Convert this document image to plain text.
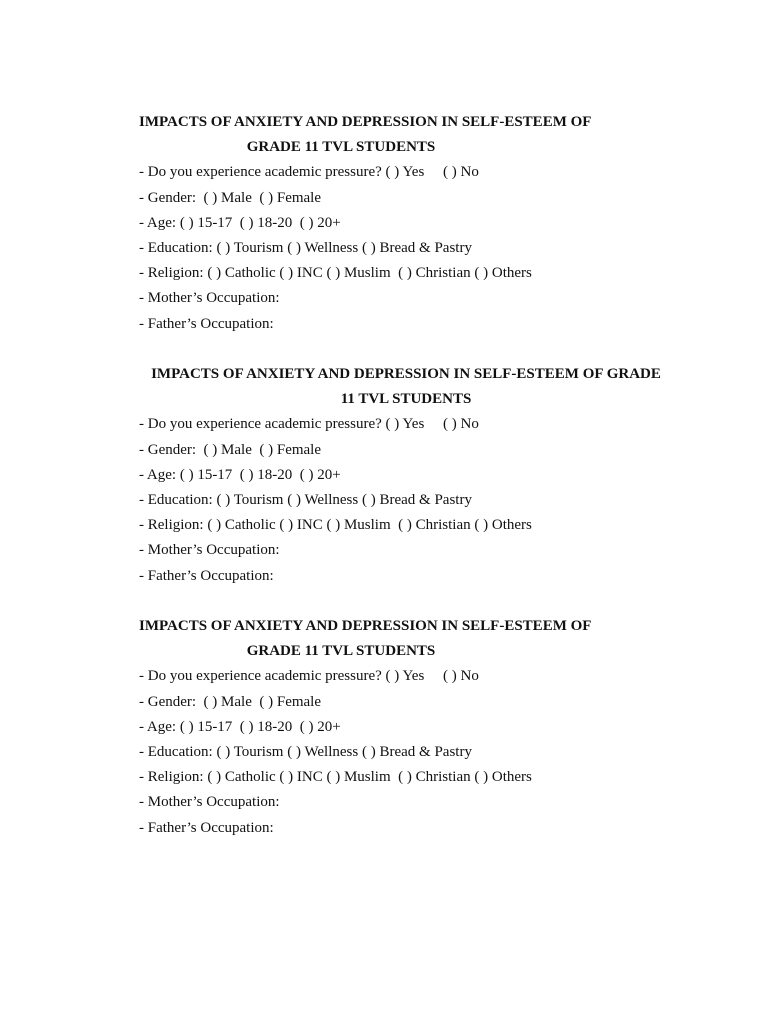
IMPACTS OF ANXIETY AND DEPRESSION IN SELF-ESTEEM OF
GRADE 11 TVL STUDENTS
- Do you experience academic pressure? ( ) Yes     ( ) No
- Gender:  ( ) Male  ( ) Female
- Age: ( ) 15-17  ( ) 18-20  ( ) 20+
- Education: ( ) Tourism ( ) Wellness ( ) Bread & Pastry
- Religion: ( ) Catholic ( ) INC ( ) Muslim  ( ) Christian ( ) Others
- Mother’s Occupation:
- Father’s Occupation:
IMPACTS OF ANXIETY AND DEPRESSION IN SELF-ESTEEM OF GRADE
11 TVL STUDENTS
- Do you experience academic pressure? ( ) Yes     ( ) No
- Gender:  ( ) Male  ( ) Female
- Age: ( ) 15-17  ( ) 18-20  ( ) 20+
- Education: ( ) Tourism ( ) Wellness ( ) Bread & Pastry
- Religion: ( ) Catholic ( ) INC ( ) Muslim  ( ) Christian ( ) Others
- Mother’s Occupation:
- Father’s Occupation:
IMPACTS OF ANXIETY AND DEPRESSION IN SELF-ESTEEM OF
GRADE 11 TVL STUDENTS
- Do you experience academic pressure? ( ) Yes     ( ) No
- Gender:  ( ) Male  ( ) Female
- Age: ( ) 15-17  ( ) 18-20  ( ) 20+
- Education: ( ) Tourism ( ) Wellness ( ) Bread & Pastry
- Religion: ( ) Catholic ( ) INC ( ) Muslim  ( ) Christian ( ) Others
- Mother’s Occupation:
- Father’s Occupation:
